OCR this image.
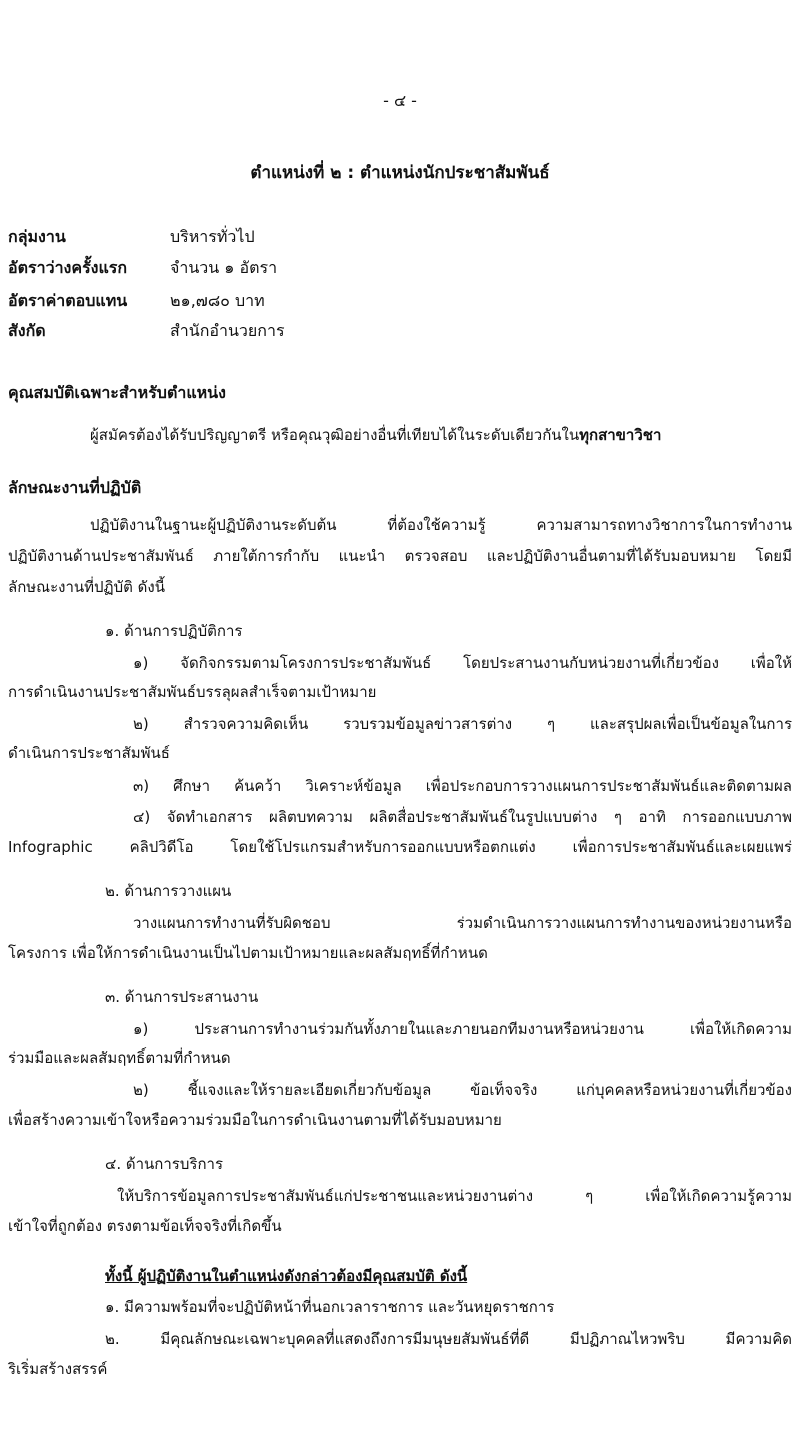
- ๔ -
ตำแหน่งที่ ๒ : ตำแหน่งนักประชาสัมพันธ์
กลุ่มงาน	บริหารทั่วไป
อัตราว่างครั้งแรก	จำนวน ๑ อัตรา
อัตราค่าตอบแทน	๒๑,๗๘๐ บาท
สังกัด	สำนักอำนวยการ
คุณสมบัติเฉพาะสำหรับตำแหน่ง
ผู้สมัครต้องได้รับปริญญาตรี หรือคุณวุฒิอย่างอื่นที่เทียบได้ในระดับเดียวกันในทุกสาขาวิชา
ลักษณะงานที่ปฏิบัติ
ปฏิบัติงานในฐานะผู้ปฏิบัติงานระดับต้น ที่ต้องใช้ความรู้ ความสามารถทางวิชาการในการทำงาน
ปฏิบัติงานด้านประชาสัมพันธ์ ภายใต้การกำกับ แนะนำ ตรวจสอบ และปฏิบัติงานอื่นตามที่ได้รับมอบหมาย โดยมี
ลักษณะงานที่ปฏิบัติ ดังนี้
๑. ด้านการปฏิบัติการ
๑) จัดกิจกรรมตามโครงการประชาสัมพันธ์ โดยประสานงานกับหน่วยงานที่เกี่ยวข้อง เพื่อให้
การดำเนินงานประชาสัมพันธ์บรรลุผลสำเร็จตามเป้าหมาย
๒) สำรวจความคิดเห็น รวบรวมข้อมูลข่าวสารต่าง ๆ และสรุปผลเพื่อเป็นข้อมูลในการ
ดำเนินการประชาสัมพันธ์
๓) ศึกษา ค้นคว้า วิเคราะห์ข้อมูล เพื่อประกอบการวางแผนการประชาสัมพันธ์และติดตามผล
๔) จัดทำเอกสาร ผลิตบทความ ผลิตสื่อประชาสัมพันธ์ในรูปแบบต่าง ๆ อาทิ การออกแบบภาพ
Infographic คลิปวิดีโอ โดยใช้โปรแกรมสำหรับการออกแบบหรือตกแต่ง เพื่อการประชาสัมพันธ์และเผยแพร่
๒. ด้านการวางแผน
วางแผนการทำงานที่รับผิดชอบ ร่วมดำเนินการวางแผนการทำงานของหน่วยงานหรือ
โครงการ เพื่อให้การดำเนินงานเป็นไปตามเป้าหมายและผลสัมฤทธิ์ที่กำหนด
๓. ด้านการประสานงาน
๑) ประสานการทำงานร่วมกันทั้งภายในและภายนอกทีมงานหรือหน่วยงาน เพื่อให้เกิดความ
ร่วมมือและผลสัมฤทธิ์ตามที่กำหนด
๒) ชี้แจงและให้รายละเอียดเกี่ยวกับข้อมูล ข้อเท็จจริง แก่บุคคลหรือหน่วยงานที่เกี่ยวข้อง
เพื่อสร้างความเข้าใจหรือความร่วมมือในการดำเนินงานตามที่ได้รับมอบหมาย
๔. ด้านการบริการ
ให้บริการข้อมูลการประชาสัมพันธ์แก่ประชาชนและหน่วยงานต่าง ๆ เพื่อให้เกิดความรู้ความ
เข้าใจที่ถูกต้อง ตรงตามข้อเท็จจริงที่เกิดขึ้น
ทั้งนี้ ผู้ปฏิบัติงานในตำแหน่งดังกล่าวต้องมีคุณสมบัติ ดังนี้
๑. มีความพร้อมที่จะปฏิบัติหน้าที่นอกเวลาราชการ และวันหยุดราชการ
๒. มีคุณลักษณะเฉพาะบุคคลที่แสดงถึงการมีมนุษยสัมพันธ์ที่ดี มีปฏิภาณไหวพริบ มีความคิด
ริเริ่มสร้างสรรค์
